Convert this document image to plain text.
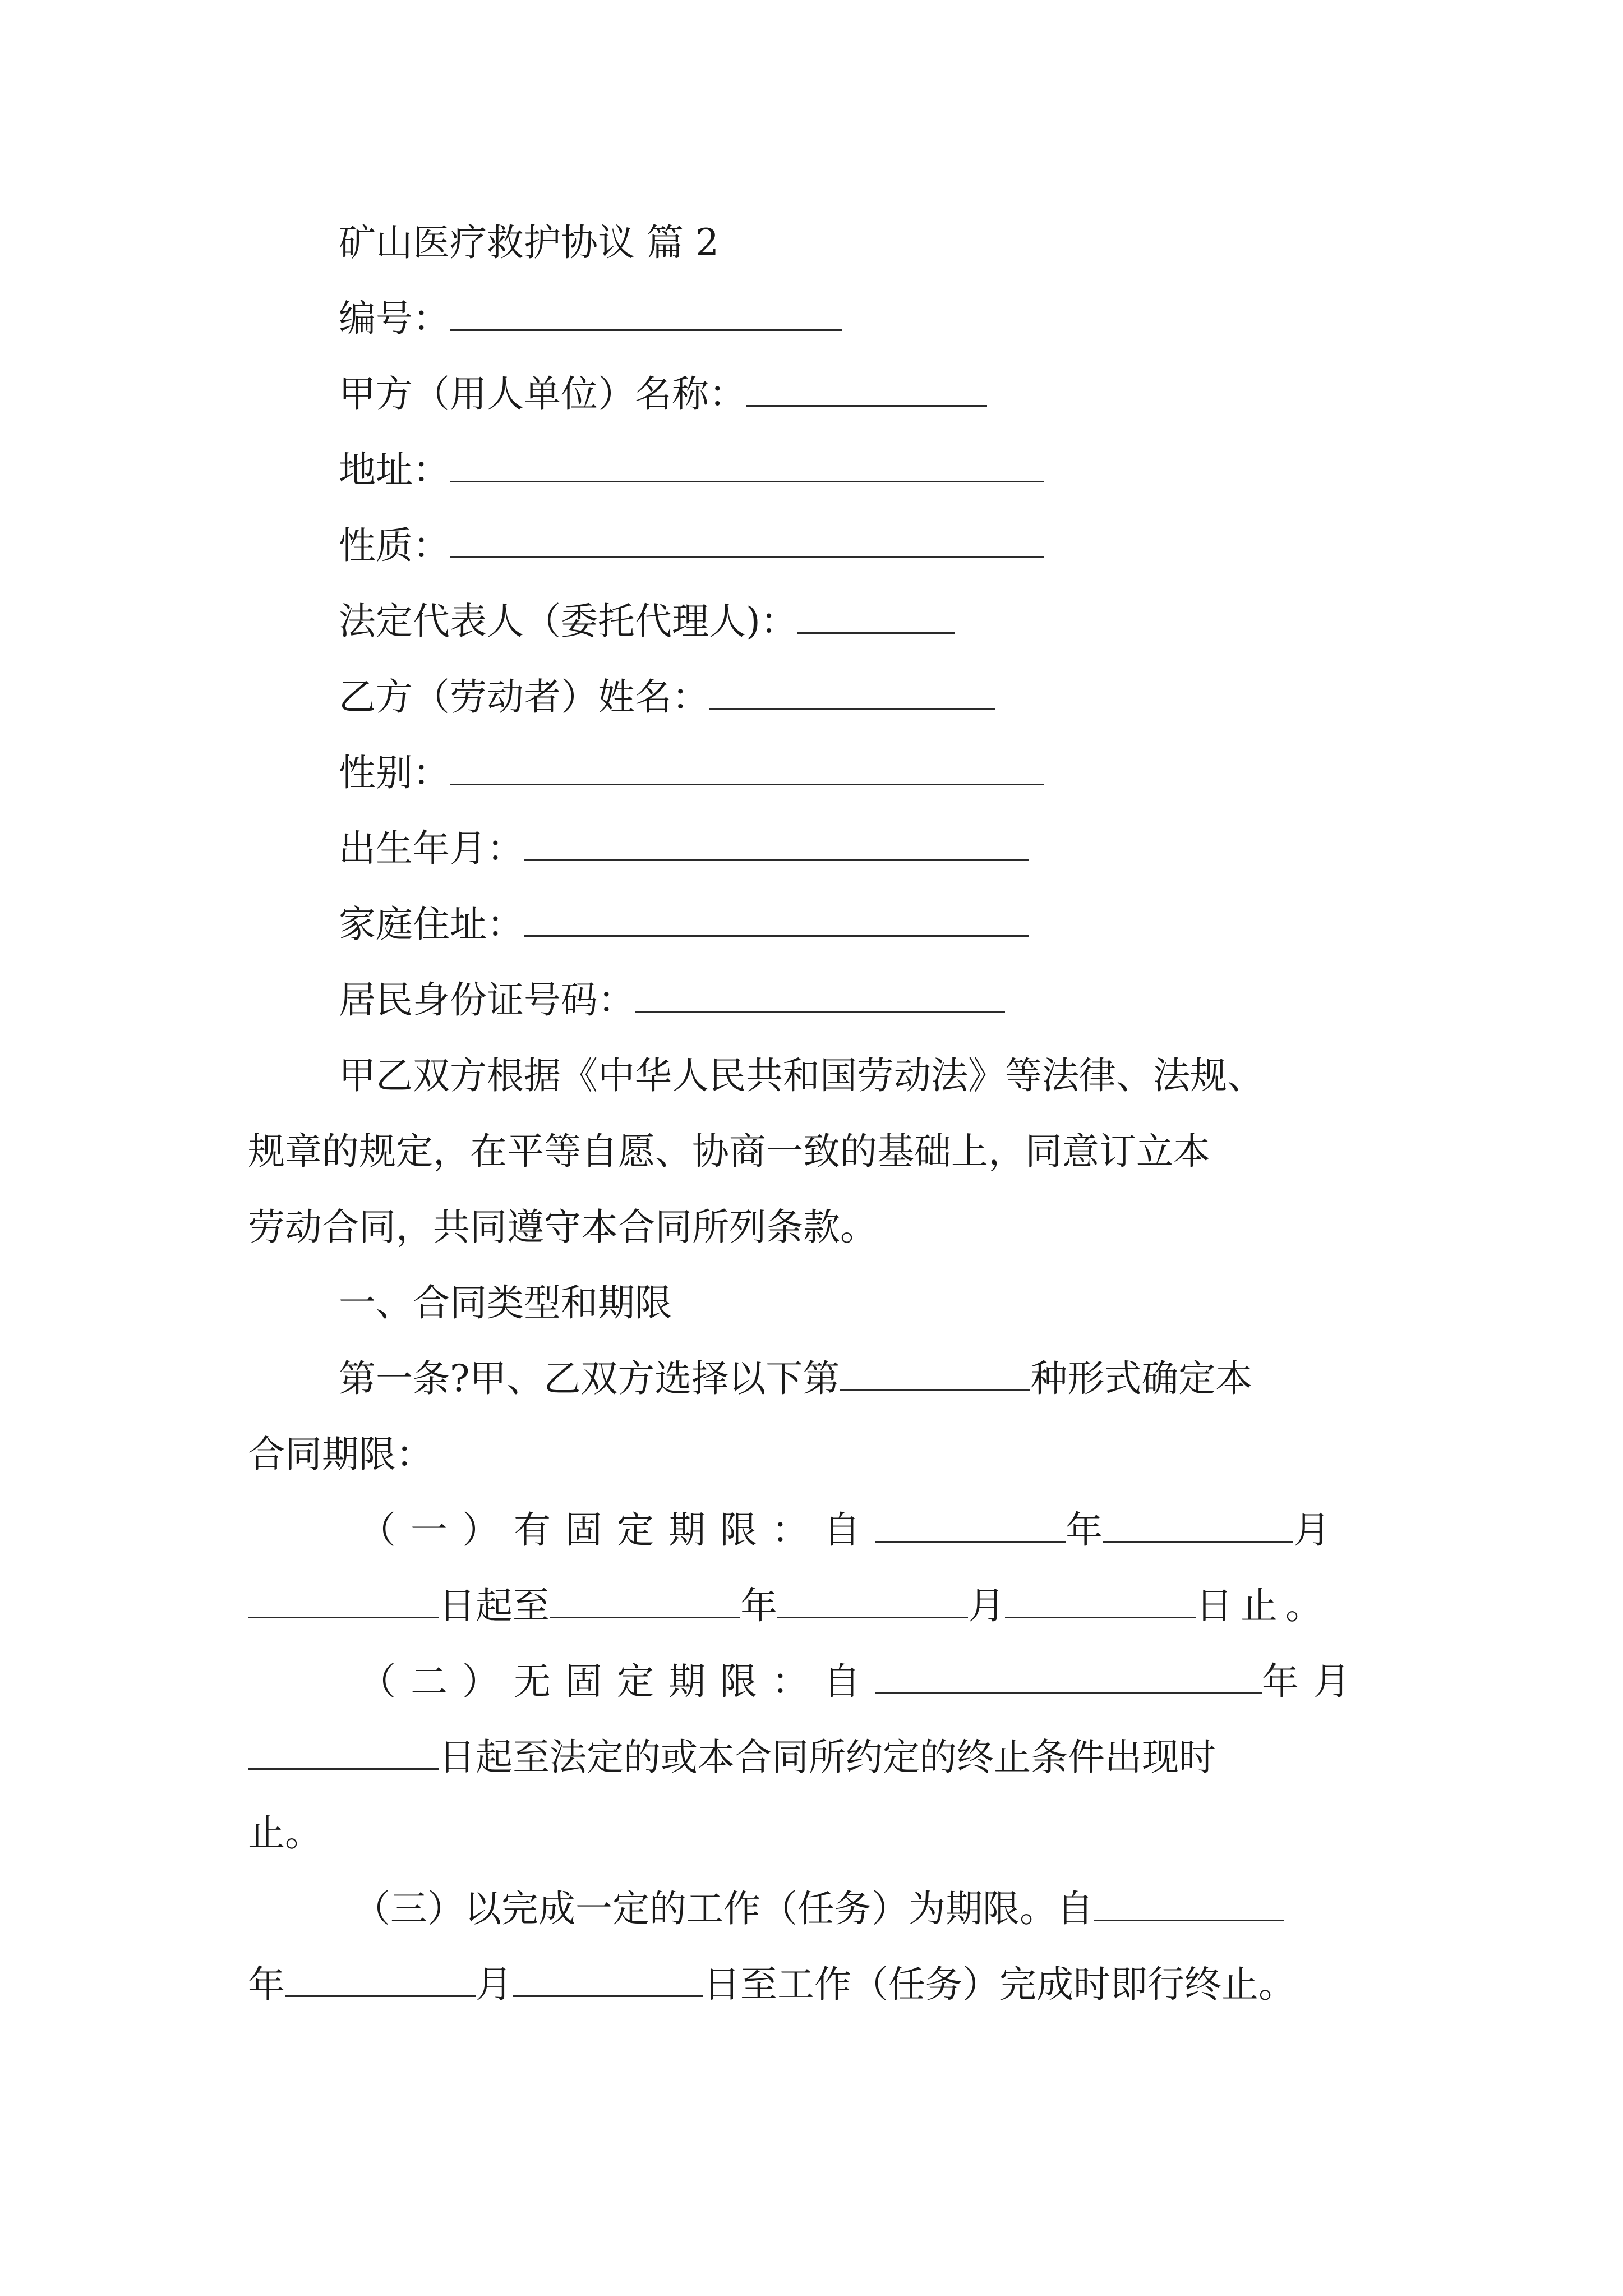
矿山医疗救护协议 篇 2
编号：
甲方（用人单位）名称：
地址：
性质：
法定代表人（委托代理人)：
乙方（劳动者）姓名：
性别：
出生年月：
家庭住址：
居民身份证号码：
甲乙双方根据《中华人民共和国劳动法》等法律、法规、
规章的规定，在平等自愿、协商一致的基础上，同意订立本
劳动合同，共同遵守本合同所列条款。
一、合同类型和期限
第一条?甲、乙双方选择以下第	种形式确定本
合同期限：
（一）有固定期限：自	年	月
日起至	年	月	日止。
（二）无固定期限：自	年月
日起至法定的或本合同所约定的终止条件出现时
止。
（三）以完成一定的工作（任务）为期限。自
年	月	日至工作（任务）完成时即行终止。
